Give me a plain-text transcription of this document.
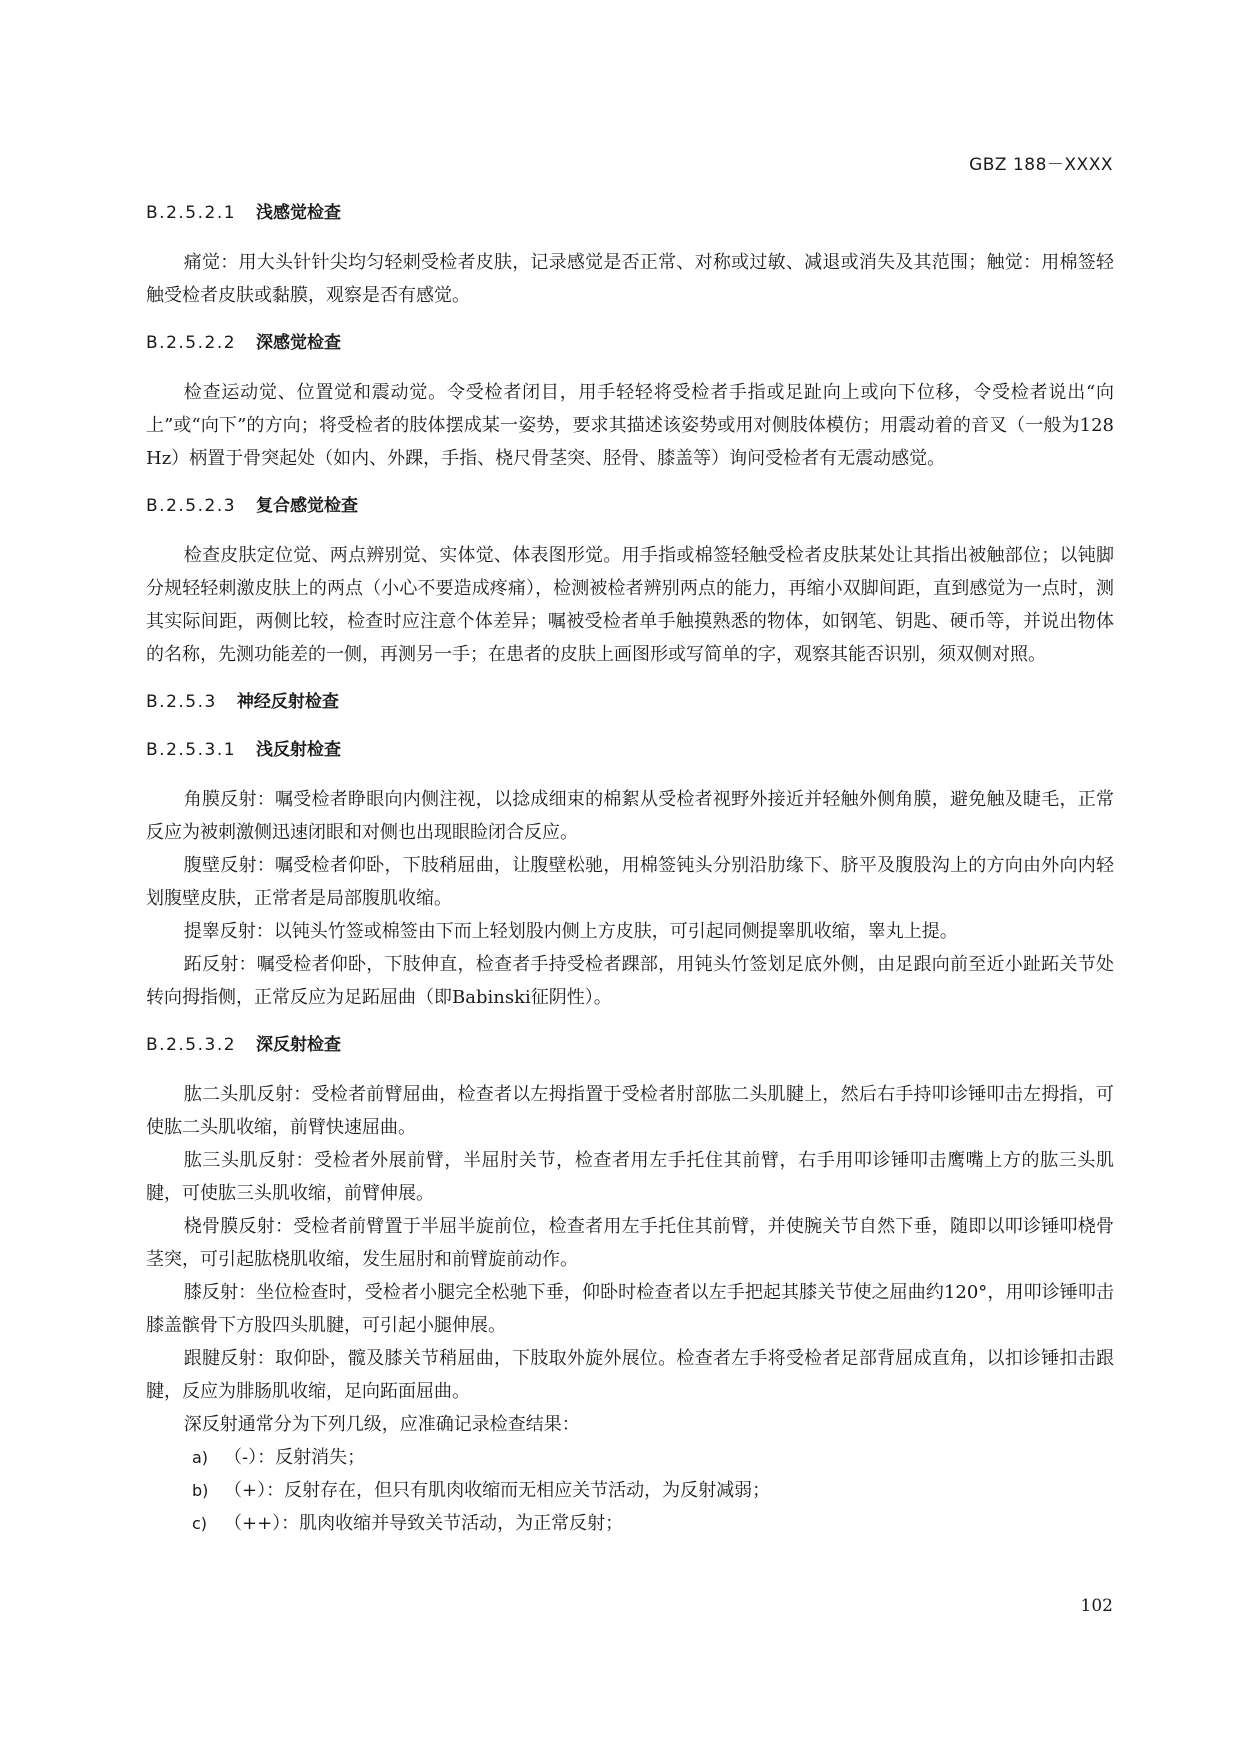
GBZ 188－XXXX
B.2.5.2.1 浅感觉检查

痛觉：用大头针针尖均匀轻刺受检者皮肤，记录感觉是否正常、对称或过敏、减退或消失及其范围；触觉：用棉签轻触受检者皮肤或黏膜，观察是否有感觉。

B.2.5.2.2 深感觉检查

检查运动觉、位置觉和震动觉。令受检者闭目，用手轻轻将受检者手指或足趾向上或向下位移，令受检者说出“向上”或“向下”的方向；将受检者的肢体摆成某一姿势，要求其描述该姿势或用对侧肢体模仿；用震动着的音叉（一般为128 Hz）柄置于骨突起处（如内、外踝，手指、桡尺骨茎突、胫骨、膝盖等）询问受检者有无震动感觉。

B.2.5.2.3 复合感觉检查

检查皮肤定位觉、两点辨别觉、实体觉、体表图形觉。用手指或棉签轻触受检者皮肤某处让其指出被触部位；以钝脚分规轻轻刺激皮肤上的两点（小心不要造成疼痛），检测被检者辨别两点的能力，再缩小双脚间距，直到感觉为一点时，测其实际间距，两侧比较，检查时应注意个体差异；嘱被受检者单手触摸熟悉的物体，如钢笔、钥匙、硬币等，并说出物体的名称，先测功能差的一侧，再测另一手；在患者的皮肤上画图形或写简单的字，观察其能否识别，须双侧对照。

B.2.5.3 神经反射检查
B.2.5.3.1 浅反射检查

角膜反射：嘱受检者睁眼向内侧注视，以捻成细束的棉絮从受检者视野外接近并轻触外侧角膜，避免触及睫毛，正常反应为被刺激侧迅速闭眼和对侧也出现眼睑闭合反应。

腹壁反射：嘱受检者仰卧，下肢稍屈曲，让腹壁松驰，用棉签钝头分别沿肋缘下、脐平及腹股沟上的方向由外向内轻划腹壁皮肤，正常者是局部腹肌收缩。

提睾反射：以钝头竹签或棉签由下而上轻划股内侧上方皮肤，可引起同侧提睾肌收缩，睾丸上提。

跖反射：嘱受检者仰卧，下肢伸直，检查者手持受检者踝部，用钝头竹签划足底外侧，由足跟向前至近小趾跖关节处转向拇指侧，正常反应为足跖屈曲（即Babinski征阴性）。

B.2.5.3.2 深反射检查

肱二头肌反射：受检者前臂屈曲，检查者以左拇指置于受检者肘部肱二头肌腱上，然后右手持叩诊锤叩击左拇指，可使肱二头肌收缩，前臂快速屈曲。

肱三头肌反射：受检者外展前臂，半屈肘关节，检查者用左手托住其前臂，右手用叩诊锤叩击鹰嘴上方的肱三头肌腱，可使肱三头肌收缩，前臂伸展。

桡骨膜反射：受检者前臂置于半屈半旋前位，检查者用左手托住其前臂，并使腕关节自然下垂，随即以叩诊锤叩桡骨茎突，可引起肱桡肌收缩，发生屈肘和前臂旋前动作。

膝反射：坐位检查时，受检者小腿完全松驰下垂，仰卧时检查者以左手把起其膝关节使之屈曲约120°，用叩诊锤叩击膝盖髌骨下方股四头肌腱，可引起小腿伸展。

跟腱反射：取仰卧，髋及膝关节稍屈曲，下肢取外旋外展位。检查者左手将受检者足部背屈成直角，以扣诊锤扣击跟腱，反应为腓肠肌收缩，足向跖面屈曲。

深反射通常分为下列几级，应准确记录检查结果：

a) （-）：反射消失；
b) （+）：反射存在，但只有肌肉收缩而无相应关节活动，为反射减弱；
c) （++）：肌肉收缩并导致关节活动，为正常反射；
102
